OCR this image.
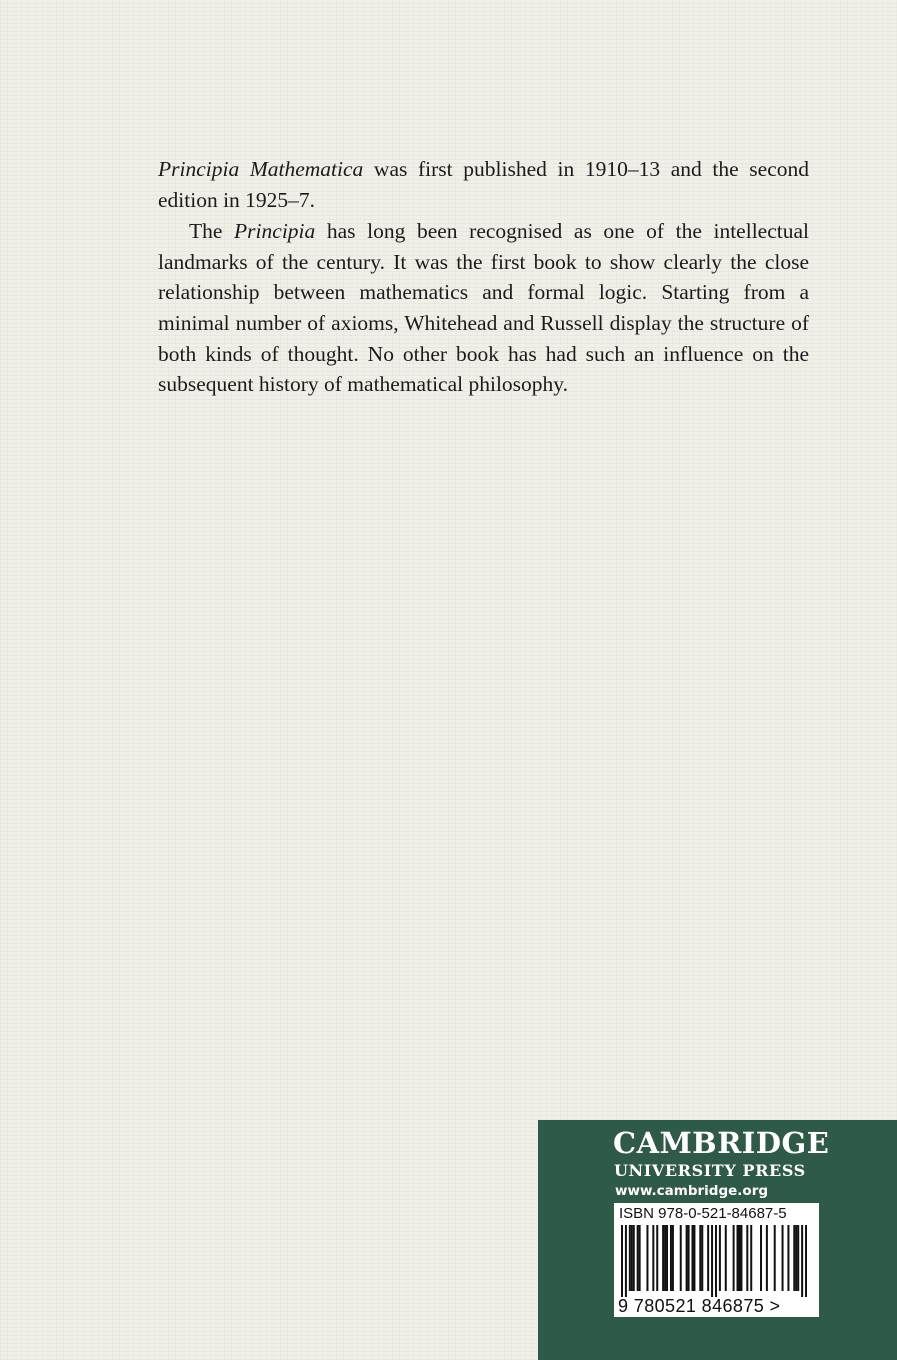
Principia Mathematica was first published in 1910–13 and the second edition in 1925–7.

The Principia has long been recognised as one of the intellectual landmarks of the century. It was the first book to show clearly the close relationship between mathematics and formal logic. Starting from a minimal number of axioms, Whitehead and Russell display the structure of both kinds of thought. No other book has had such an influence on the subsequent history of mathematical philosophy.

CAMBRIDGE
UNIVERSITY PRESS
www.cambridge.org
ISBN 978-0-521-84687-5
9 780521 846875 >
